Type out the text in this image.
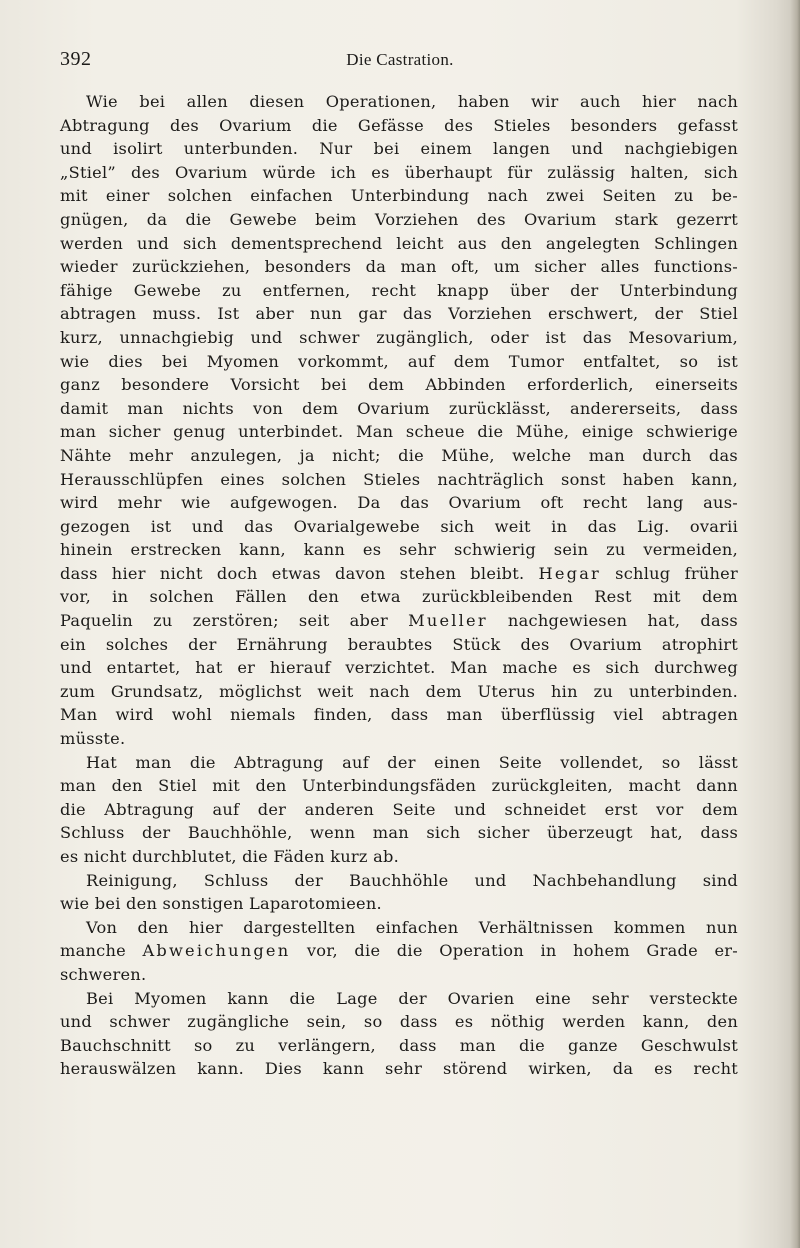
392	Die Castration.
Wie bei allen diesen Operationen, haben wir auch hier nach
Abtragung des Ovarium die Gefässe des Stieles besonders gefasst
und isolirt unterbunden. Nur bei einem langen und nachgiebigen
„Stiel” des Ovarium würde ich es überhaupt für zulässig halten, sich
mit einer solchen einfachen Unterbindung nach zwei Seiten zu be-
gnügen, da die Gewebe beim Vorziehen des Ovarium stark gezerrt
werden und sich dementsprechend leicht aus den angelegten Schlingen
wieder zurückziehen, besonders da man oft, um sicher alles functions-
fähige Gewebe zu entfernen, recht knapp über der Unterbindung
abtragen muss. Ist aber nun gar das Vorziehen erschwert, der Stiel
kurz, unnachgiebig und schwer zugänglich, oder ist das Mesovarium,
wie dies bei Myomen vorkommt, auf dem Tumor entfaltet, so ist
ganz besondere Vorsicht bei dem Abbinden erforderlich, einerseits
damit man nichts von dem Ovarium zurücklässt, andererseits, dass
man sicher genug unterbindet. Man scheue die Mühe, einige schwierige
Nähte mehr anzulegen, ja nicht; die Mühe, welche man durch das
Herausschlüpfen eines solchen Stieles nachträglich sonst haben kann,
wird mehr wie aufgewogen. Da das Ovarium oft recht lang aus-
gezogen ist und das Ovarialgewebe sich weit in das Lig. ovarii
hinein erstrecken kann, kann es sehr schwierig sein zu vermeiden,
dass hier nicht doch etwas davon stehen bleibt. Hegar schlug früher
vor, in solchen Fällen den etwa zurückbleibenden Rest mit dem
Paquelin zu zerstören; seit aber Mueller nachgewiesen hat, dass
ein solches der Ernährung beraubtes Stück des Ovarium atrophirt
und entartet, hat er hierauf verzichtet. Man mache es sich durchweg
zum Grundsatz, möglichst weit nach dem Uterus hin zu unterbinden.
Man wird wohl niemals finden, dass man überflüssig viel abtragen
müsste.
Hat man die Abtragung auf der einen Seite vollendet, so lässt
man den Stiel mit den Unterbindungsfäden zurückgleiten, macht dann
die Abtragung auf der anderen Seite und schneidet erst vor dem
Schluss der Bauchhöhle, wenn man sich sicher überzeugt hat, dass
es nicht durchblutet, die Fäden kurz ab.
Reinigung, Schluss der Bauchhöhle und Nachbehandlung sind
wie bei den sonstigen Laparotomieen.
Von den hier dargestellten einfachen Verhältnissen kommen nun
manche Abweichungen vor, die die Operation in hohem Grade er-
schweren.
Bei Myomen kann die Lage der Ovarien eine sehr versteckte
und schwer zugängliche sein, so dass es nöthig werden kann, den
Bauchschnitt so zu verlängern, dass man die ganze Geschwulst
herauswälzen kann. Dies kann sehr störend wirken, da es recht
